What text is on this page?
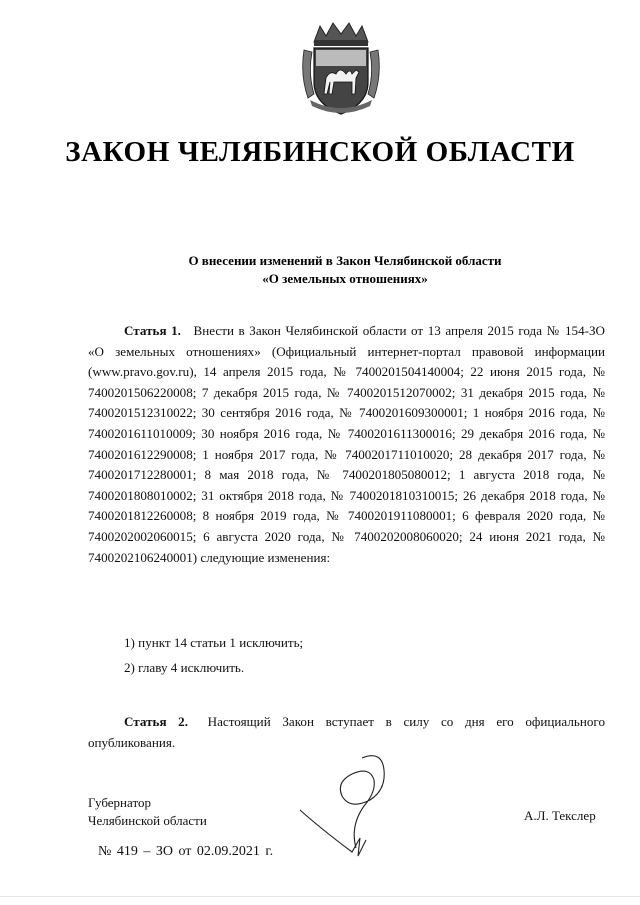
ЗАКОН ЧЕЛЯБИНСКОЙ ОБЛАСТИ
О внесении изменений в Закон Челябинской области
«О земельных отношениях»

Статья 1. Внести в Закон Челябинской области от 13 апреля 2015 года № 154-ЗО «О земельных отношениях» (Официальный интернет-портал правовой информации (www.pravo.gov.ru), 14 апреля 2015 года, № 7400201504140004; 22 июня 2015 года, № 7400201506220008; 7 декабря 2015 года, № 7400201512070002; 31 декабря 2015 года, № 7400201512310022; 30 сентября 2016 года, № 7400201609300001; 1 ноября 2016 года, № 7400201611010009; 30 ноября 2016 года, № 7400201611300016; 29 декабря 2016 года, № 7400201612290008; 1 ноября 2017 года, № 7400201711010020; 28 декабря 2017 года, № 7400201712280001; 8 мая 2018 года, № 7400201805080012; 1 августа 2018 года, № 7400201808010002; 31 октября 2018 года, № 7400201810310015; 26 декабря 2018 года, № 7400201812260008; 8 ноября 2019 года, № 7400201911080001; 6 февраля 2020 года, № 7400202002060015; 6 августа 2020 года, № 7400202008060020; 24 июня 2021 года, № 7400202106240001) следующие изменения:

1) пункт 14 статьи 1 исключить;
2) главу 4 исключить.

Статья 2. Настоящий Закон вступает в силу со дня его официального опубликования.

Губернатор
Челябинской области	А.Л. Текслер
№ 419 – ЗО от 02.09.2021 г.
